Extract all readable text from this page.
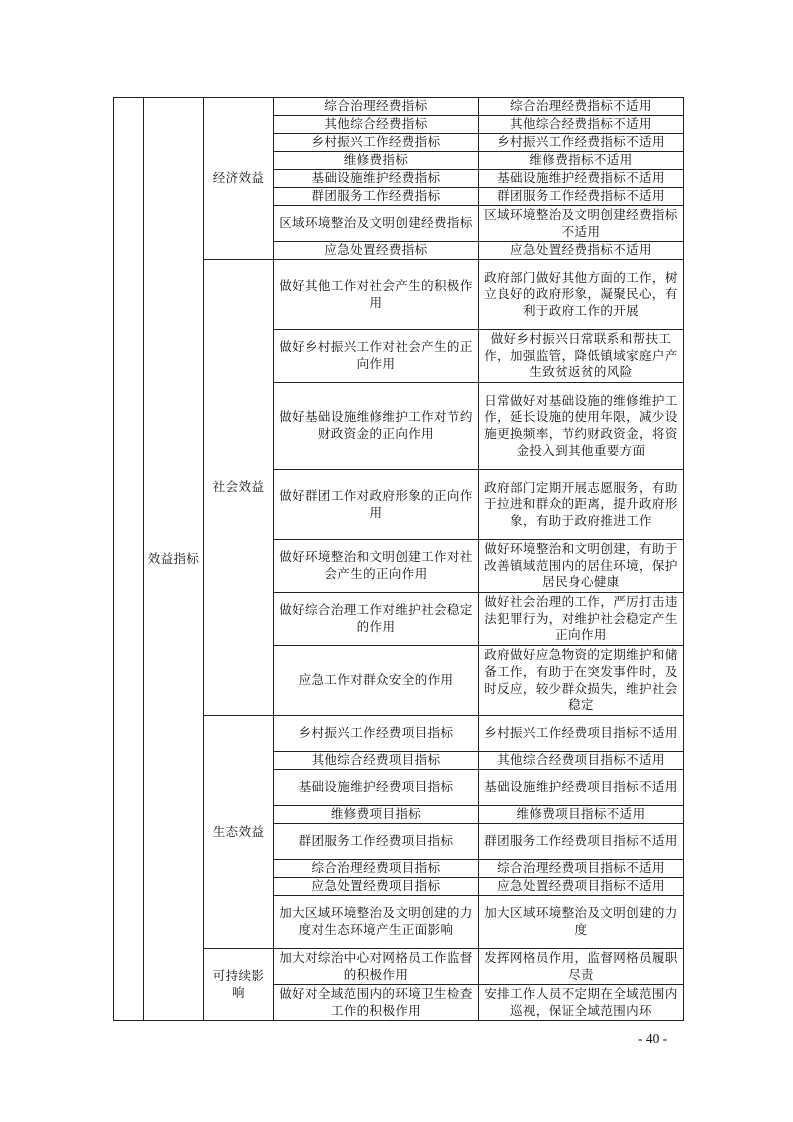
	效益指标	经济效益	综合治理经费指标	综合治理经费指标不适用
			其他综合经费指标	其他综合经费指标不适用
			乡村振兴工作经费指标	乡村振兴工作经费指标不适用
			维修费指标	维修费指标不适用
			基础设施维护经费指标	基础设施维护经费指标不适用
			群团服务工作经费指标	群团服务工作经费指标不适用
			区域环境整治及文明创建经费指标	区域环境整治及文明创建经费指标不适用
			应急处置经费指标	应急处置经费指标不适用
		社会效益	做好其他工作对社会产生的积极作用	政府部门做好其他方面的工作，树立良好的政府形象，凝聚民心，有利于政府工作的开展
			做好乡村振兴工作对社会产生的正向作用	做好乡村振兴日常联系和帮扶工作，加强监管，降低镇域家庭户产生致贫返贫的风险
			做好基础设施维修维护工作对节约财政资金的正向作用	日常做好对基础设施的维修维护工作，延长设施的使用年限，减少设施更换频率，节约财政资金，将资金投入到其他重要方面
			做好群团工作对政府形象的正向作用	政府部门定期开展志愿服务，有助于拉进和群众的距离，提升政府形象，有助于政府推进工作
			做好环境整治和文明创建工作对社会产生的正向作用	做好环境整治和文明创建，有助于改善镇域范围内的居住环境，保护居民身心健康
			做好综合治理工作对维护社会稳定的作用	做好社会治理的工作，严厉打击违法犯罪行为，对维护社会稳定产生正向作用
			应急工作对群众安全的作用	政府做好应急物资的定期维护和储备工作，有助于在突发事件时，及时反应，较少群众损失，维护社会稳定
		生态效益	乡村振兴工作经费项目指标	乡村振兴工作经费项目指标不适用
			其他综合经费项目指标	其他综合经费项目指标不适用
			基础设施维护经费项目指标	基础设施维护经费项目指标不适用
			维修费项目指标	维修费项目指标不适用
			群团服务工作经费项目指标	群团服务工作经费项目指标不适用
			综合治理经费项目指标	综合治理经费项目指标不适用
			应急处置经费项目指标	应急处置经费项目指标不适用
			加大区域环境整治及文明创建的力度对生态环境产生正面影响	加大区域环境整治及文明创建的力度
		可持续影响	加大对综治中心对网格员工作监督的积极作用	发挥网格员作用，监督网格员履职尽责
			做好对全域范围内的环境卫生检查工作的积极作用	安排工作人员不定期在全域范围内巡视，保证全域范围内环
- 40 -
